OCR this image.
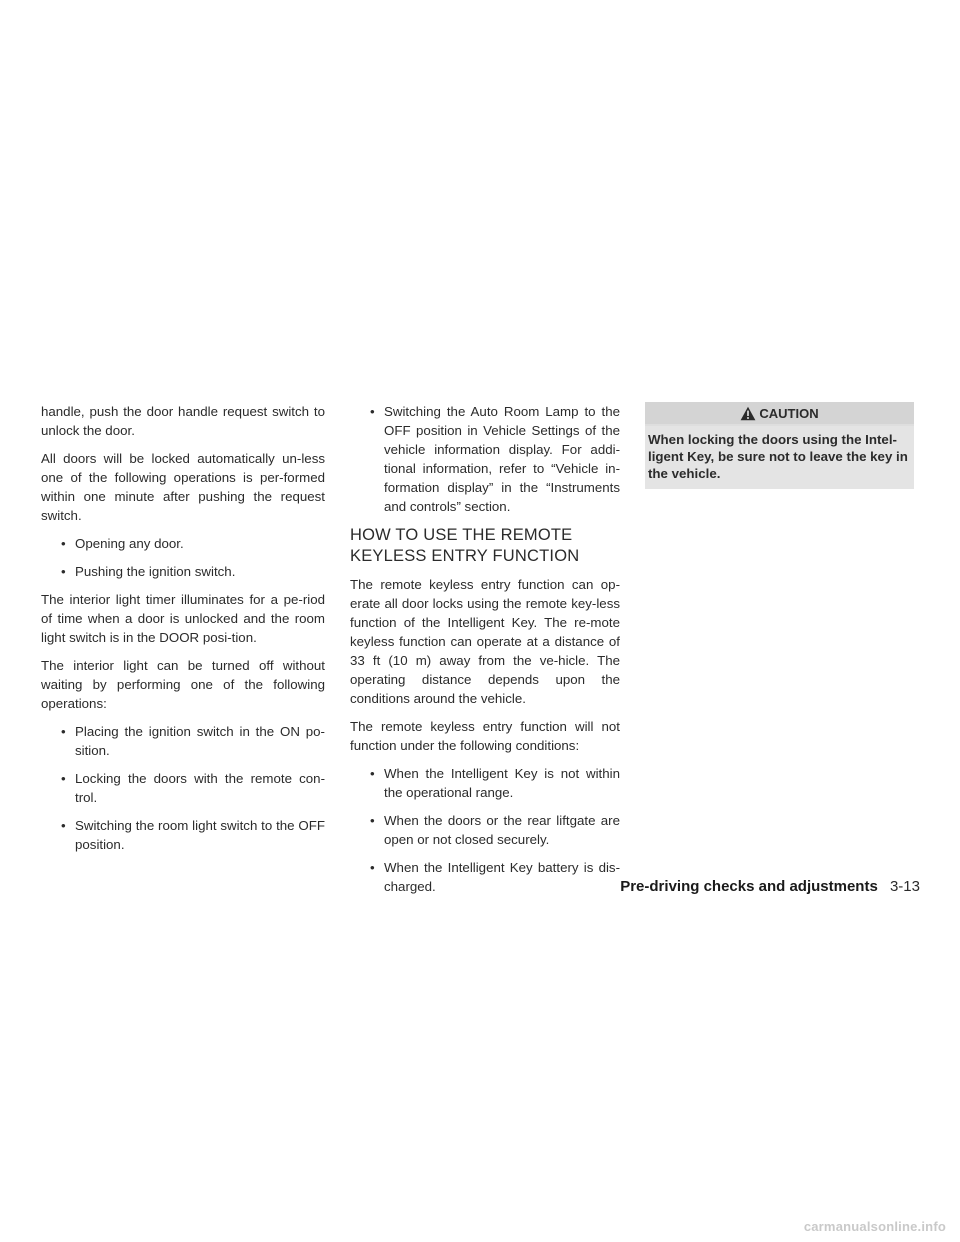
handle, push the door handle request switch to unlock the door.

All doors will be locked automatically un-less one of the following operations is per-formed within one minute after pushing the request switch.

• Opening any door.
• Pushing the ignition switch.

The interior light timer illuminates for a pe-riod of time when a door is unlocked and the room light switch is in the DOOR posi-tion.

The interior light can be turned off without waiting by performing one of the following operations:

• Placing the ignition switch in the ON po-sition.
• Locking the doors with the remote con-trol.
• Switching the room light switch to the OFF position.
• Switching the Auto Room Lamp to the OFF position in Vehicle Settings of the vehicle information display. For addi-tional information, refer to “Vehicle in-formation display” in the “Instruments and controls” section.
HOW TO USE THE REMOTE KEYLESS ENTRY FUNCTION

The remote keyless entry function can op-erate all door locks using the remote key-less function of the Intelligent Key. The re-mote keyless function can operate at a distance of 33 ft (10 m) away from the ve-hicle. The operating distance depends upon the conditions around the vehicle.

The remote keyless entry function will not function under the following conditions:

• When the Intelligent Key is not within the operational range.
• When the doors or the rear liftgate are open or not closed securely.
• When the Intelligent Key battery is dis-charged.
CAUTION
When locking the doors using the Intel-ligent Key, be sure not to leave the key in the vehicle.
Pre-driving checks and adjustments 3-13
carmanualsonline.info
